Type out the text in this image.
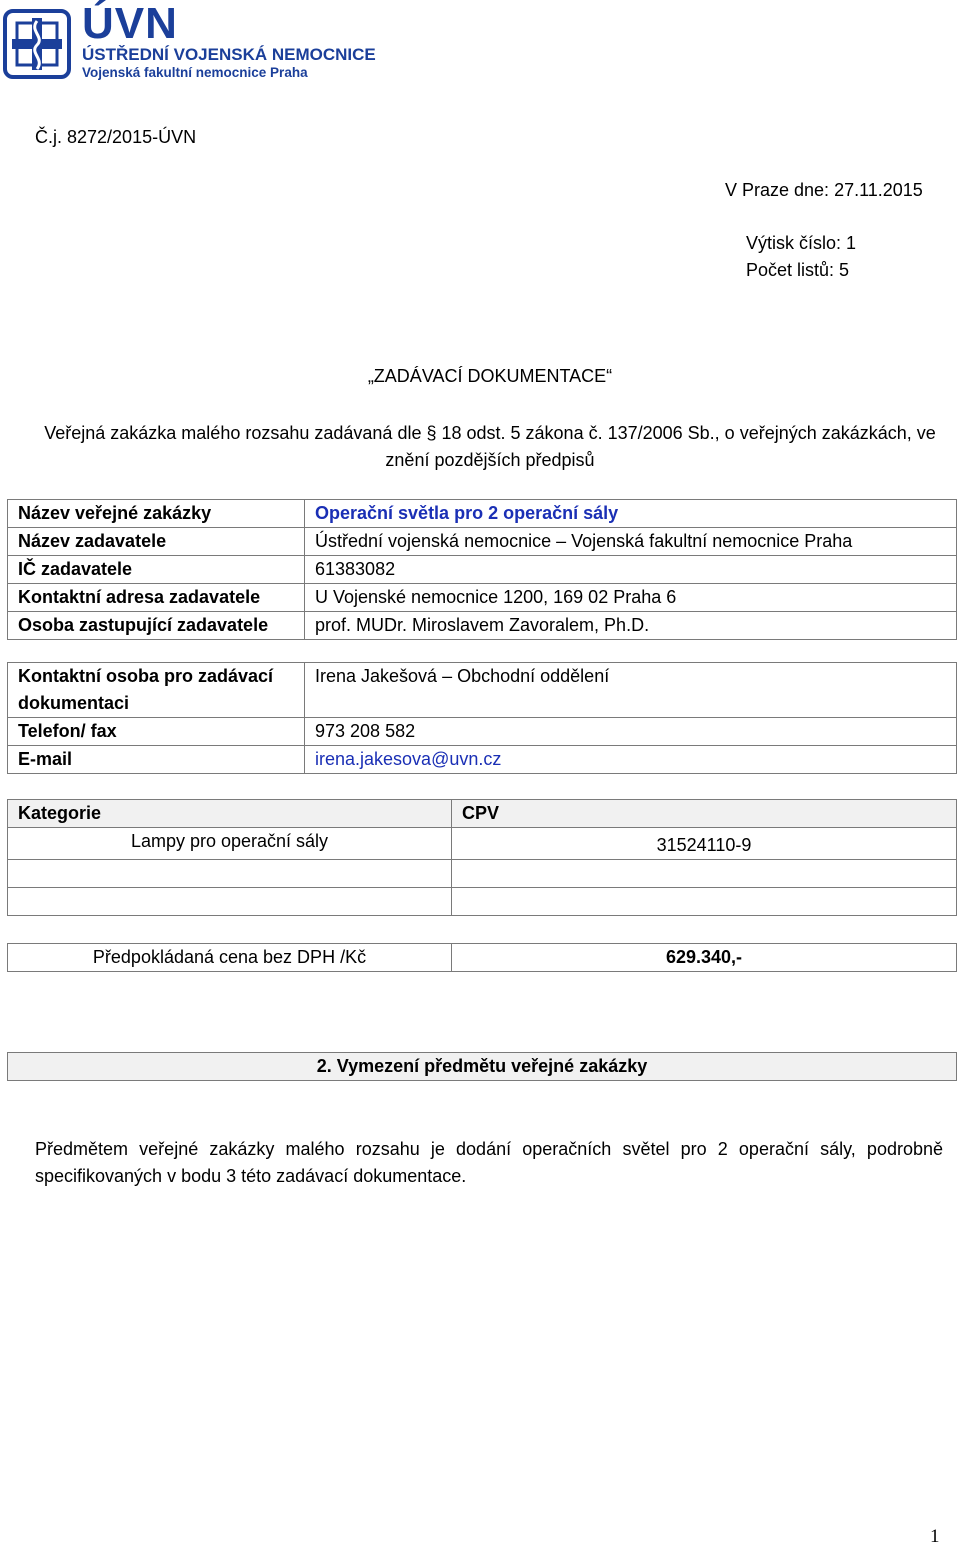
ÚVN
ÚSTŘEDNÍ VOJENSKÁ NEMOCNICE
Vojenská fakultní nemocnice Praha
Č.j. 8272/2015-ÚVN
V Praze dne: 27.11.2015
Výtisk číslo: 1
Počet listů: 5
„ZADÁVACÍ DOKUMENTACE“
Veřejná zakázka malého rozsahu zadávaná dle § 18 odst. 5 zákona č. 137/2006 Sb., o veřejných zakázkách, ve znění pozdějších předpisů
Název veřejné zakázky	Operační světla pro 2 operační sály
Název zadavatele	Ústřední vojenská nemocnice – Vojenská fakultní nemocnice Praha
IČ zadavatele	61383082
Kontaktní adresa zadavatele	U Vojenské nemocnice 1200, 169 02 Praha 6
Osoba zastupující zadavatele	prof. MUDr. Miroslavem Zavoralem, Ph.D.
Kontaktní osoba pro zadávací dokumentaci	Irena Jakešová – Obchodní oddělení
Telefon/ fax	973 208 582
E-mail	irena.jakesova@uvn.cz
Kategorie	CPV
Lampy pro operační sály	31524110-9

Předpokládaná cena bez DPH /Kč	629.340,-
2. Vymezení předmětu veřejné zakázky
Předmětem veřejné zakázky malého rozsahu je dodání operačních světel pro 2 operační sály, podrobně specifikovaných v bodu 3 této zadávací dokumentace.
1
